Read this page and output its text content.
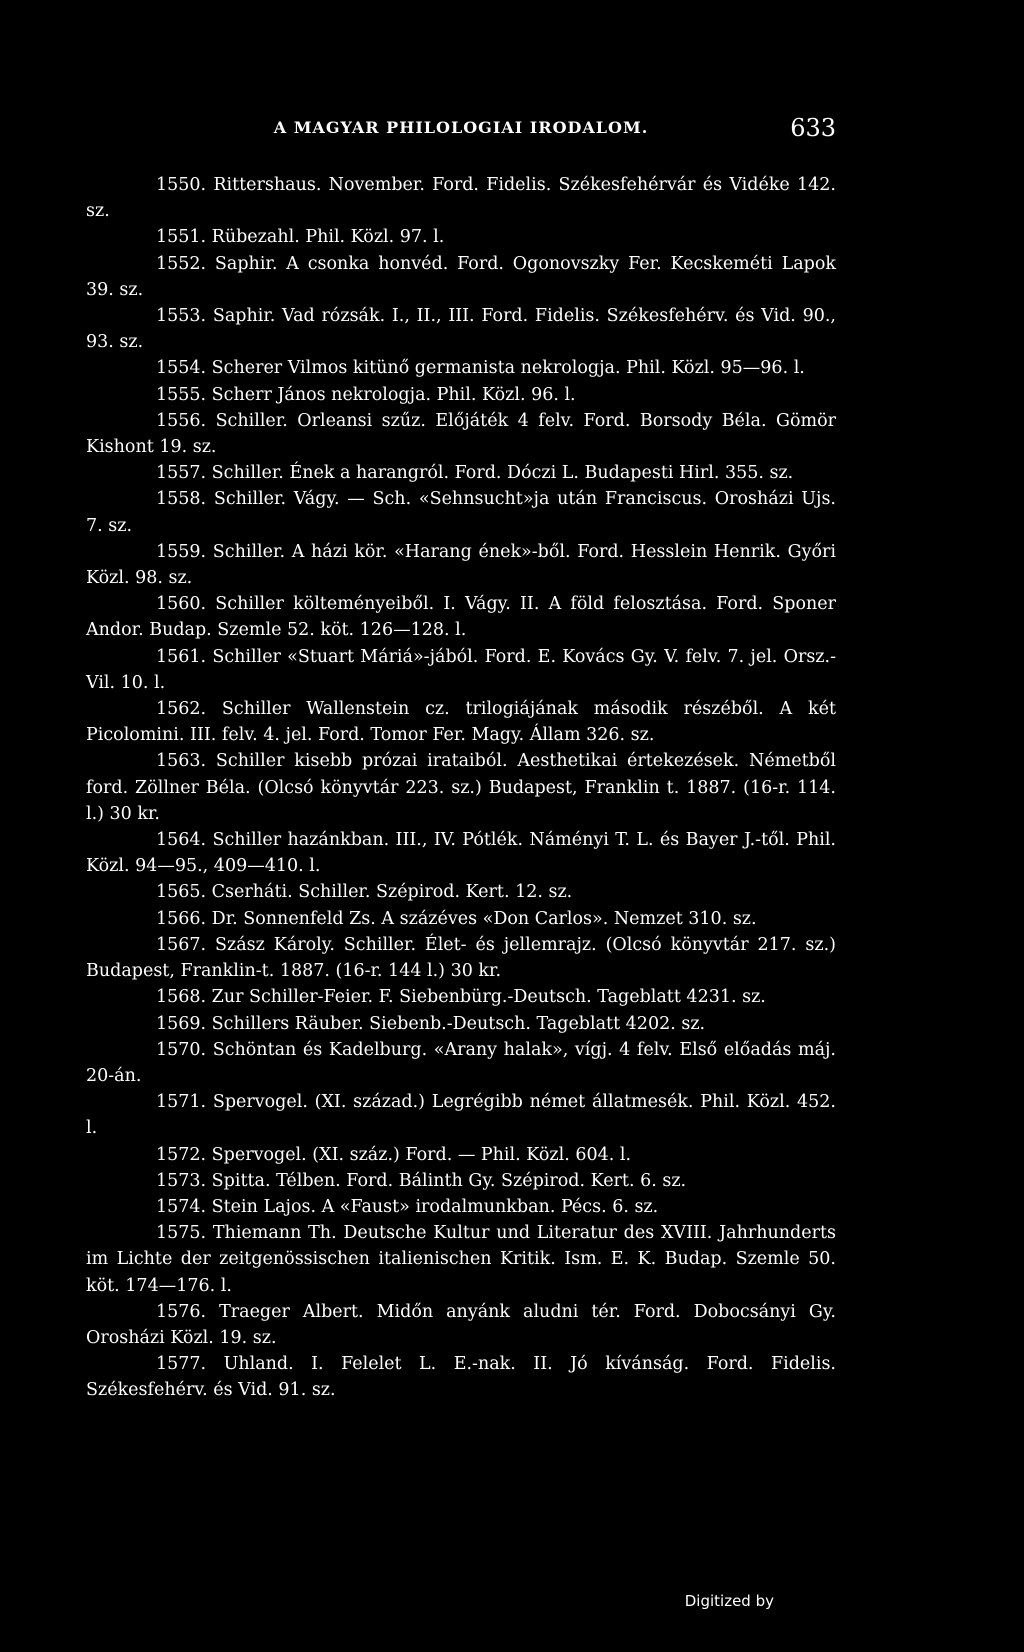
A MAGYAR PHILOLOGIAI IRODALOM.	633

1550. Rittershaus. November. Ford. Fidelis. Székesfehérvár és Vidéke 142. sz.

1551. Rübezahl. Phil. Közl. 97. l.

1552. Saphir. A csonka honvéd. Ford. Ogonovszky Fer. Kecskeméti Lapok 39. sz.

1553. Saphir. Vad rózsák. I., II., III. Ford. Fidelis. Székesfehérv. és Vid. 90., 93. sz.

1554. Scherer Vilmos kitünő germanista nekrologja. Phil. Közl. 95—96. l.

1555. Scherr János nekrologja. Phil. Közl. 96. l.

1556. Schiller. Orleansi szűz. Előjáték 4 felv. Ford. Borsody Béla. Gömör Kishont 19. sz.

1557. Schiller. Ének a harangról. Ford. Dóczi L. Budapesti Hirl. 355. sz.

1558. Schiller. Vágy. — Sch. «Sehnsucht»ja után Franciscus. Orosházi Ujs. 7. sz.

1559. Schiller. A házi kör. «Harang ének»-ből. Ford. Hesslein Henrik. Győri Közl. 98. sz.

1560. Schiller költeményeiből. I. Vágy. II. A föld felosztása. Ford. Sponer Andor. Budap. Szemle 52. köt. 126—128. l.

1561. Schiller «Stuart Máriá»-jából. Ford. E. Kovács Gy. V. felv. 7. jel. Orsz.-Vil. 10. l.

1562. Schiller Wallenstein cz. trilogiájának második részéből. A két Picolomini. III. felv. 4. jel. Ford. Tomor Fer. Magy. Állam 326. sz.

1563. Schiller kisebb prózai irataiból. Aesthetikai értekezések. Németből ford. Zöllner Béla. (Olcsó könyvtár 223. sz.) Budapest, Franklin t. 1887. (16-r. 114. l.) 30 kr.

1564. Schiller hazánkban. III., IV. Pótlék. Náményi T. L. és Bayer J.-től. Phil. Közl. 94—95., 409—410. l.

1565. Cserháti. Schiller. Szépirod. Kert. 12. sz.

1566. Dr. Sonnenfeld Zs. A százéves «Don Carlos». Nemzet 310. sz.

1567. Szász Károly. Schiller. Élet- és jellemrajz. (Olcsó könyvtár 217. sz.) Budapest, Franklin-t. 1887. (16-r. 144 l.) 30 kr.

1568. Zur Schiller-Feier. F. Siebenbürg.-Deutsch. Tageblatt 4231. sz.

1569. Schillers Räuber. Siebenb.-Deutsch. Tageblatt 4202. sz.

1570. Schöntan és Kadelburg. «Arany halak», vígj. 4 felv. Első előadás máj. 20-án.

1571. Spervogel. (XI. század.) Legrégibb német állatmesék. Phil. Közl. 452. l.

1572. Spervogel. (XI. száz.) Ford. — Phil. Közl. 604. l.

1573. Spitta. Télben. Ford. Bálinth Gy. Szépirod. Kert. 6. sz.

1574. Stein Lajos. A «Faust» irodalmunkban. Pécs. 6. sz.

1575. Thiemann Th. Deutsche Kultur und Literatur des XVIII. Jahrhunderts im Lichte der zeitgenössischen italienischen Kritik. Ism. E. K. Budap. Szemle 50. köt. 174—176. l.

1576. Traeger Albert. Midőn anyánk aludni tér. Ford. Dobocsányi Gy. Orosházi Közl. 19. sz.

1577. Uhland. I. Felelet L. E.-nak. II. Jó kívánság. Ford. Fidelis. Székesfehérv. és Vid. 91. sz.

Digitized by
